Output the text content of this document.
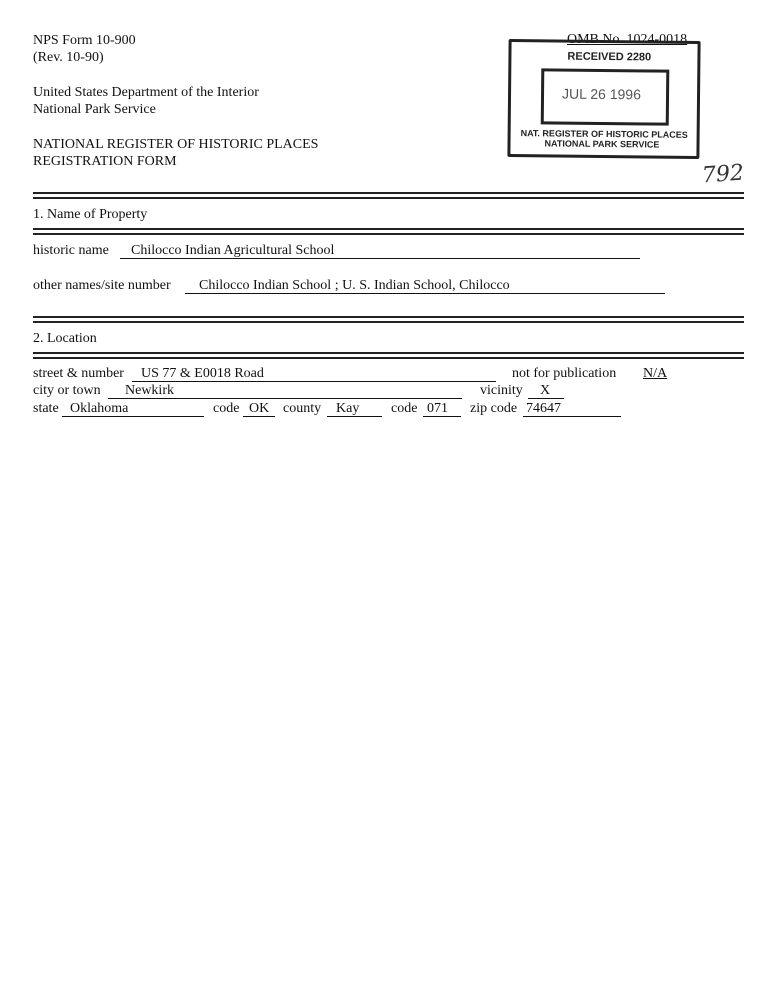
NPS Form 10-900
(Rev. 10-90)
United States Department of the Interior
National Park Service
NATIONAL REGISTER OF HISTORIC PLACES
REGISTRATION FORM
OMB No. 1024-0018
RECEIVED 2280
JUL 26 1996
NAT. REGISTER OF HISTORIC PLACES
NATIONAL PARK SERVICE
792
1. Name of Property
historic name Chilocco Indian Agricultural School
other names/site number Chilocco Indian School ; U. S. Indian School, Chilocco
2. Location
street & number US 77 & E0018 Road	not for publication N/A
city or town Newkirk	vicinity X
state Oklahoma	code OK county Kay code 071 zip code 74647
